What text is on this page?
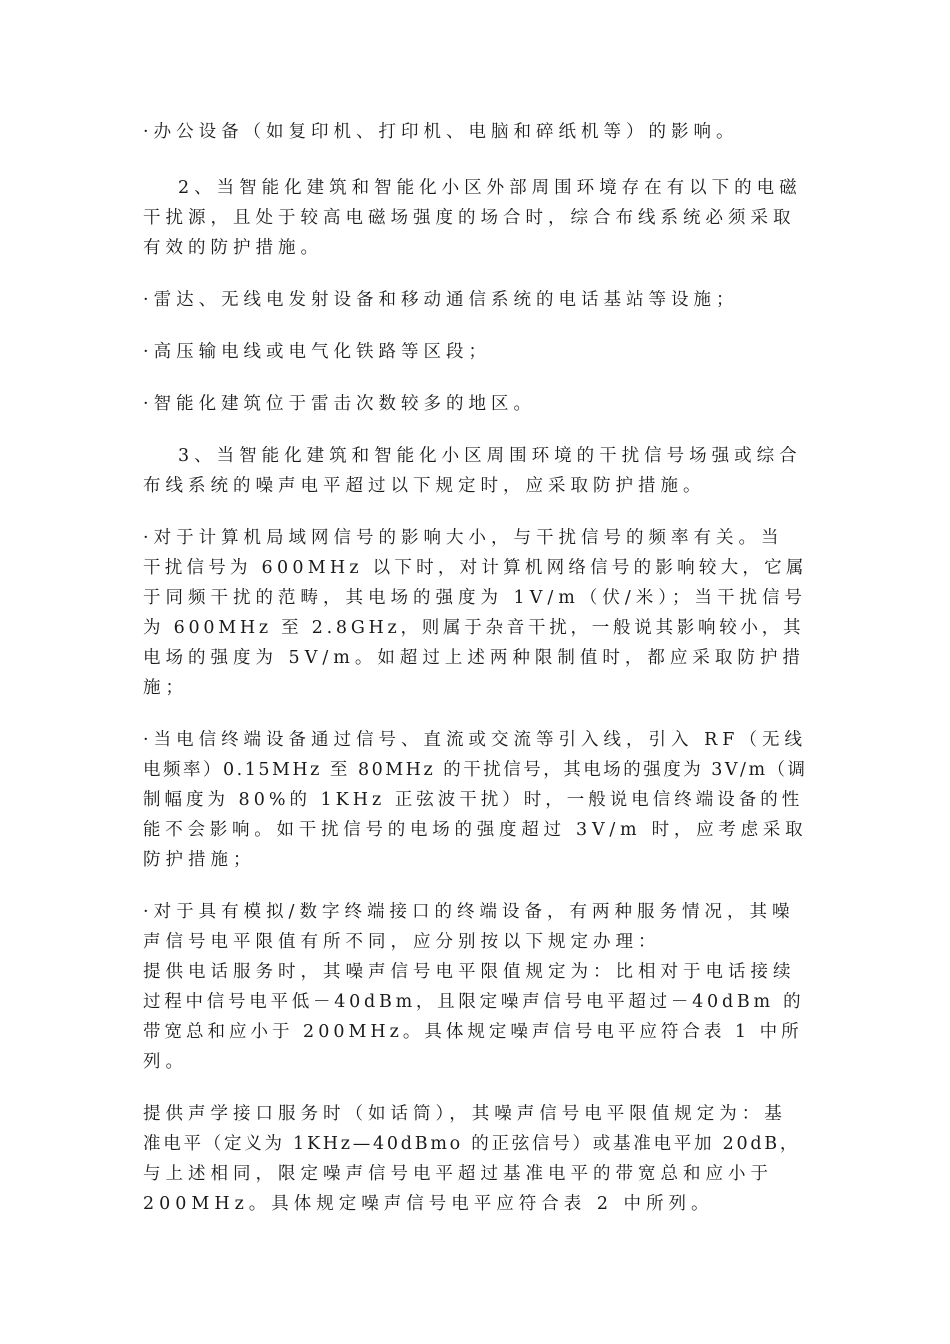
·办公设备（如复印机、打印机、电脑和碎纸机等）的影响。
2、当智能化建筑和智能化小区外部周围环境存在有以下的电磁
干扰源，且处于较高电磁场强度的场合时，综合布线系统必须采取
有效的防护措施。
·雷达、无线电发射设备和移动通信系统的电话基站等设施；
·高压输电线或电气化铁路等区段；
·智能化建筑位于雷击次数较多的地区。
3、当智能化建筑和智能化小区周围环境的干扰信号场强或综合
布线系统的噪声电平超过以下规定时，应采取防护措施。
·对于计算机局域网信号的影响大小，与干扰信号的频率有关。当
干扰信号为 600MHz 以下时，对计算机网络信号的影响较大，它属
于同频干扰的范畴，其电场的强度为 1V/m（伏/米）；当干扰信号
为 600MHz 至 2.8GHz，则属于杂音干扰，一般说其影响较小，其
电场的强度为 5V/m。如超过上述两种限制值时，都应采取防护措
施；
·当电信终端设备通过信号、直流或交流等引入线，引入 RF（无线
电频率）0.15MHz 至 80MHz 的干扰信号，其电场的强度为 3V/m（调
制幅度为 80%的 1KHz 正弦波干扰）时，一般说电信终端设备的性
能不会影响。如干扰信号的电场的强度超过 3V/m 时，应考虑采取
防护措施；
·对于具有模拟/数字终端接口的终端设备，有两种服务情况，其噪
声信号电平限值有所不同，应分别按以下规定办理：
提供电话服务时，其噪声信号电平限值规定为：比相对于电话接续
过程中信号电平低－40dBm，且限定噪声信号电平超过－40dBm 的
带宽总和应小于 200MHz。具体规定噪声信号电平应符合表 1 中所
列。
提供声学接口服务时（如话筒），其噪声信号电平限值规定为：基
准电平（定义为 1KHz—40dBmo 的正弦信号）或基准电平加 20dB，
与上述相同，限定噪声信号电平超过基准电平的带宽总和应小于
200MHz。具体规定噪声信号电平应符合表 2 中所列。
